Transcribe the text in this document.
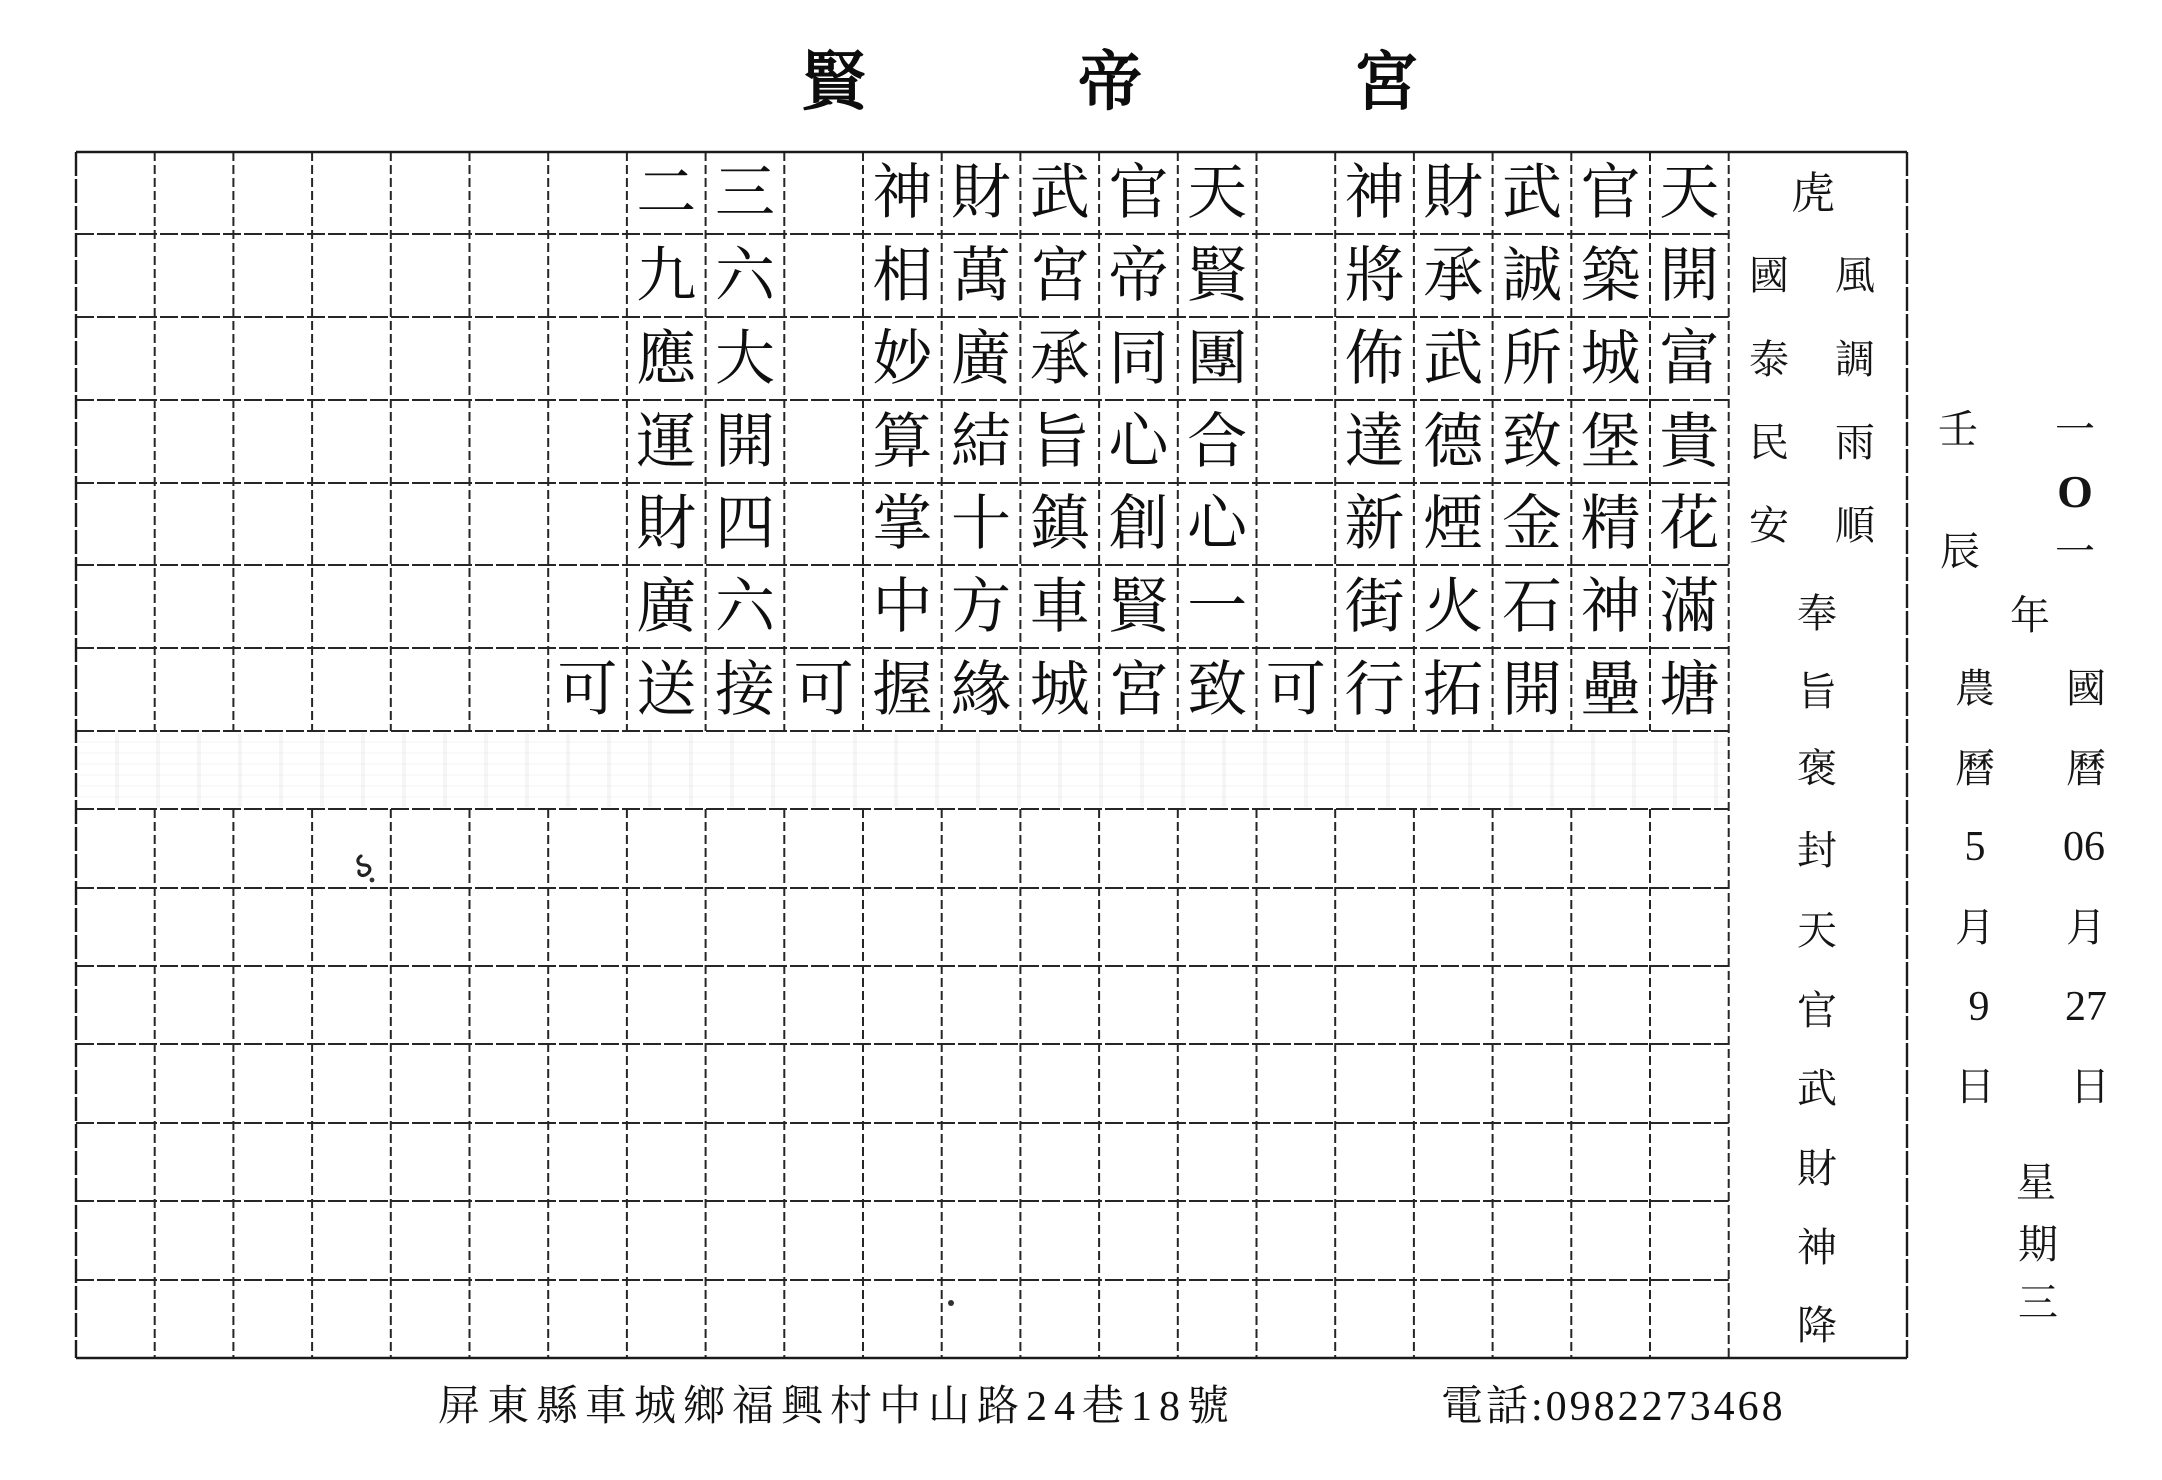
賢帝宮
天
開
富
貴
花
滿
塘
官
築
城
堡
精
神
壘
武
誠
所
致
金
石
開
財
承
武
德
煙
火
拓
神
將
佈
達
新
街
行
可
天
賢
團
合
心
一
致
官
帝
同
心
創
賢
宮
武
宮
承
旨
鎮
車
城
財
萬
廣
結
十
方
緣
神
相
妙
算
掌
中
握
可
三
六
大
開
四
六
接
二
九
應
運
財
廣
送
可
虎
風
調
雨
順
國
泰
民
安
奉
旨
褒
封
天
官
武
財
神
降
一
O
一
年
國
曆
06
月
27
日
星
期
三
壬
辰
農
曆
5
月
9
日
屏東縣車城鄉福興村中山路24巷18號	電話:0982273468
